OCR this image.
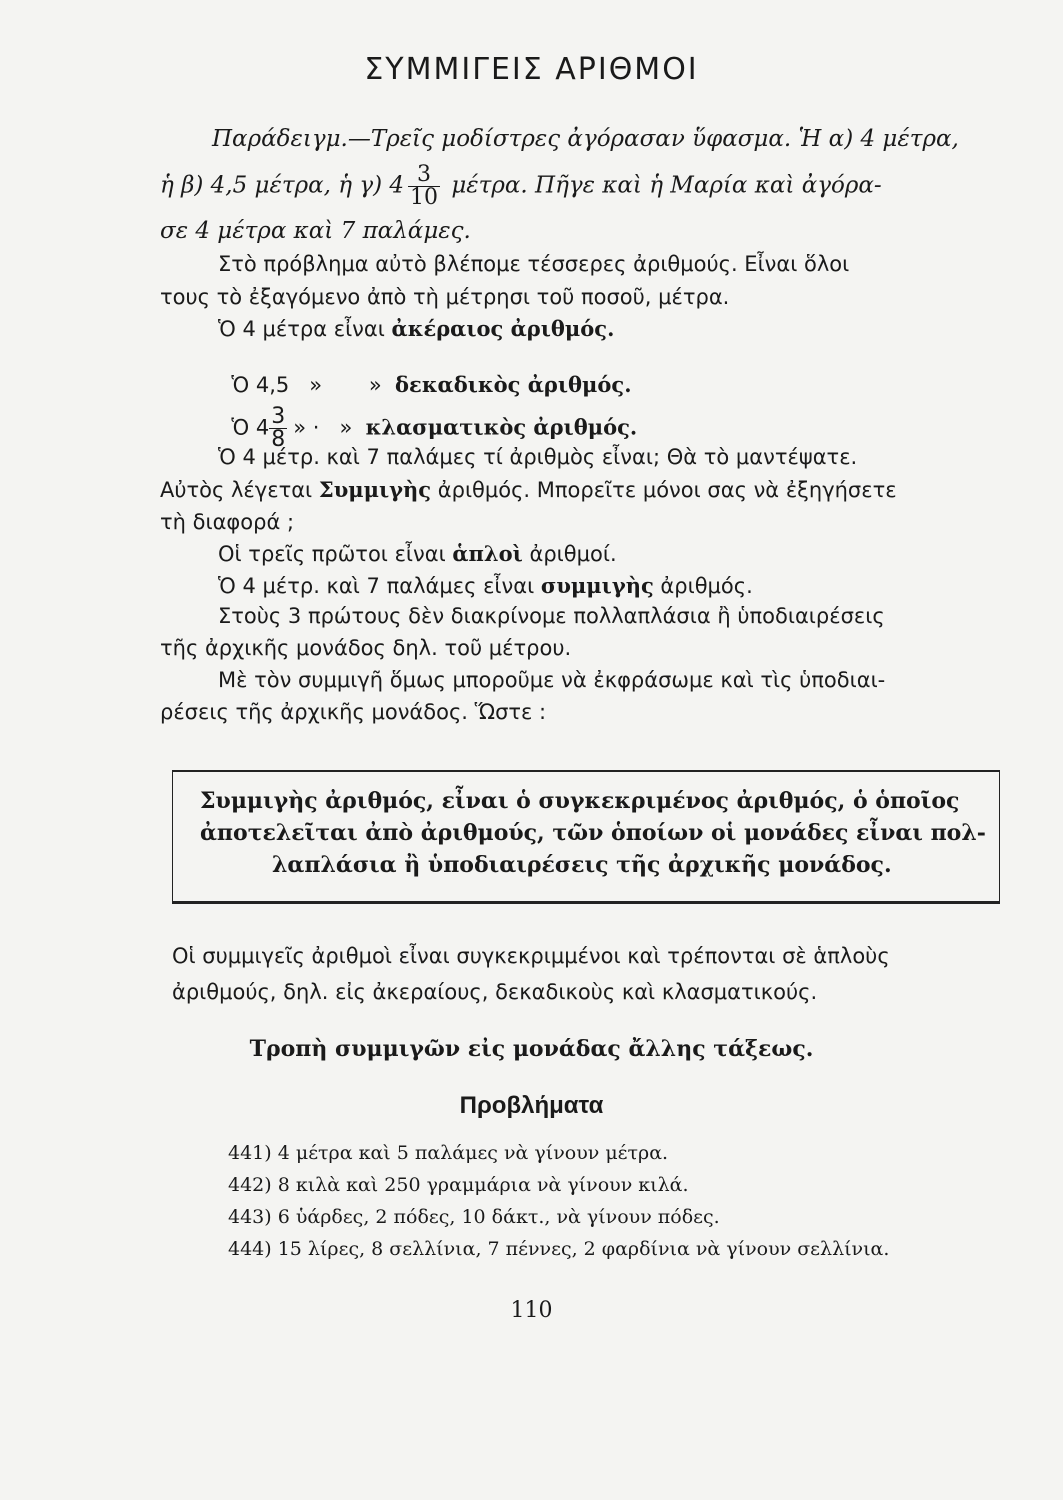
ΣΥΜΜΙΓΕΙΣ ΑΡΙΘΜΟΙ
Παράδειγμ.—Τρεῖς μοδίστρες ἀγόρασαν ὕφασμα. Ἡ α) 4 μέτρα,
ἡ β) 4,5 μέτρα, ἡ γ) $4 \frac{3}{10} \mu έ\tau\rho\alpha$. Πῆγε καὶ ἡ Μαρία καὶ ἀγόρα-
σε 4 μέτρα καὶ 7 παλάμες.
Στὸ πρόβλημα αὐτὸ βλέπομε τέσσερες ἀριθμούς. Εἶναι ὅλοι
τους τὸ ἐξαγόμενο ἀπὸ τὴ μέτρησι τοῦ ποσοῦ, μέτρα.
Ὁ 4 μέτρα εἶναι ἀκέραιος ἀριθμός.

Ὁ 4,5   »       »  δεκαδικὸς ἀριθμός.

Ὁ $4 \frac{3}{8}$ » ·   »  κλασματικὸς ἀριθμός.

Ὁ 4 μέτρ. καὶ 7 παλάμες τί ἀριθμὸς εἶναι; Θὰ τὸ μαντέψατε.
Αὐτὸς λέγεται Συμμιγὴς ἀριθμός. Μπορεῖτε μόνοι σας νὰ ἐξηγήσετε
τὴ διαφορά ;
Οἱ τρεῖς πρῶτοι εἶναι ἁπλοὶ ἀριθμοί.
Ὁ 4 μέτρ. καὶ 7 παλάμες εἶναι συμμιγὴς ἀριθμός.
Στοὺς 3 πρώτους δὲν διακρίνομε πολλαπλάσια ἢ ὑποδιαιρέσεις
τῆς ἀρχικῆς μονάδος δηλ. τοῦ μέτρου.
Μὲ τὸν συμμιγῆ ὅμως μποροῦμε νὰ ἐκφράσωμε καὶ τὶς ὑποδιαι-
ρέσεις τῆς ἀρχικῆς μονάδος. Ὥστε :
Συμμιγὴς ἀριθμός, εἶναι ὁ συγκεκριμένος ἀριθμός, ὁ ὁποῖος
ἀποτελεῖται ἀπὸ ἀριθμούς, τῶν ὁποίων οἱ μονάδες εἶναι πολ-
λαπλάσια ἢ ὑποδιαιρέσεις τῆς ἀρχικῆς μονάδος.
Οἱ συμμιγεῖς ἀριθμοὶ εἶναι συγκεκριμμένοι καὶ τρέπονται σὲ ἁπλοὺς
ἀριθμούς, δηλ. εἰς ἀκεραίους, δεκαδικοὺς καὶ κλασματικούς.
Τροπὴ συμμιγῶν εἰς μονάδας ἄλλης τάξεως.
Προβλήματα
441) 4 μέτρα καὶ 5 παλάμες νὰ γίνουν μέτρα.
442) 8 κιλὰ καὶ 250 γραμμάρια νὰ γίνουν κιλά.
443) 6 ὑάρδες, 2 πόδες, 10 δάκτ., νὰ γίνουν πόδες.
444) 15 λίρες, 8 σελλίνια, 7 πέννες, 2 φαρδίνια νὰ γίνουν σελλίνια.
110
